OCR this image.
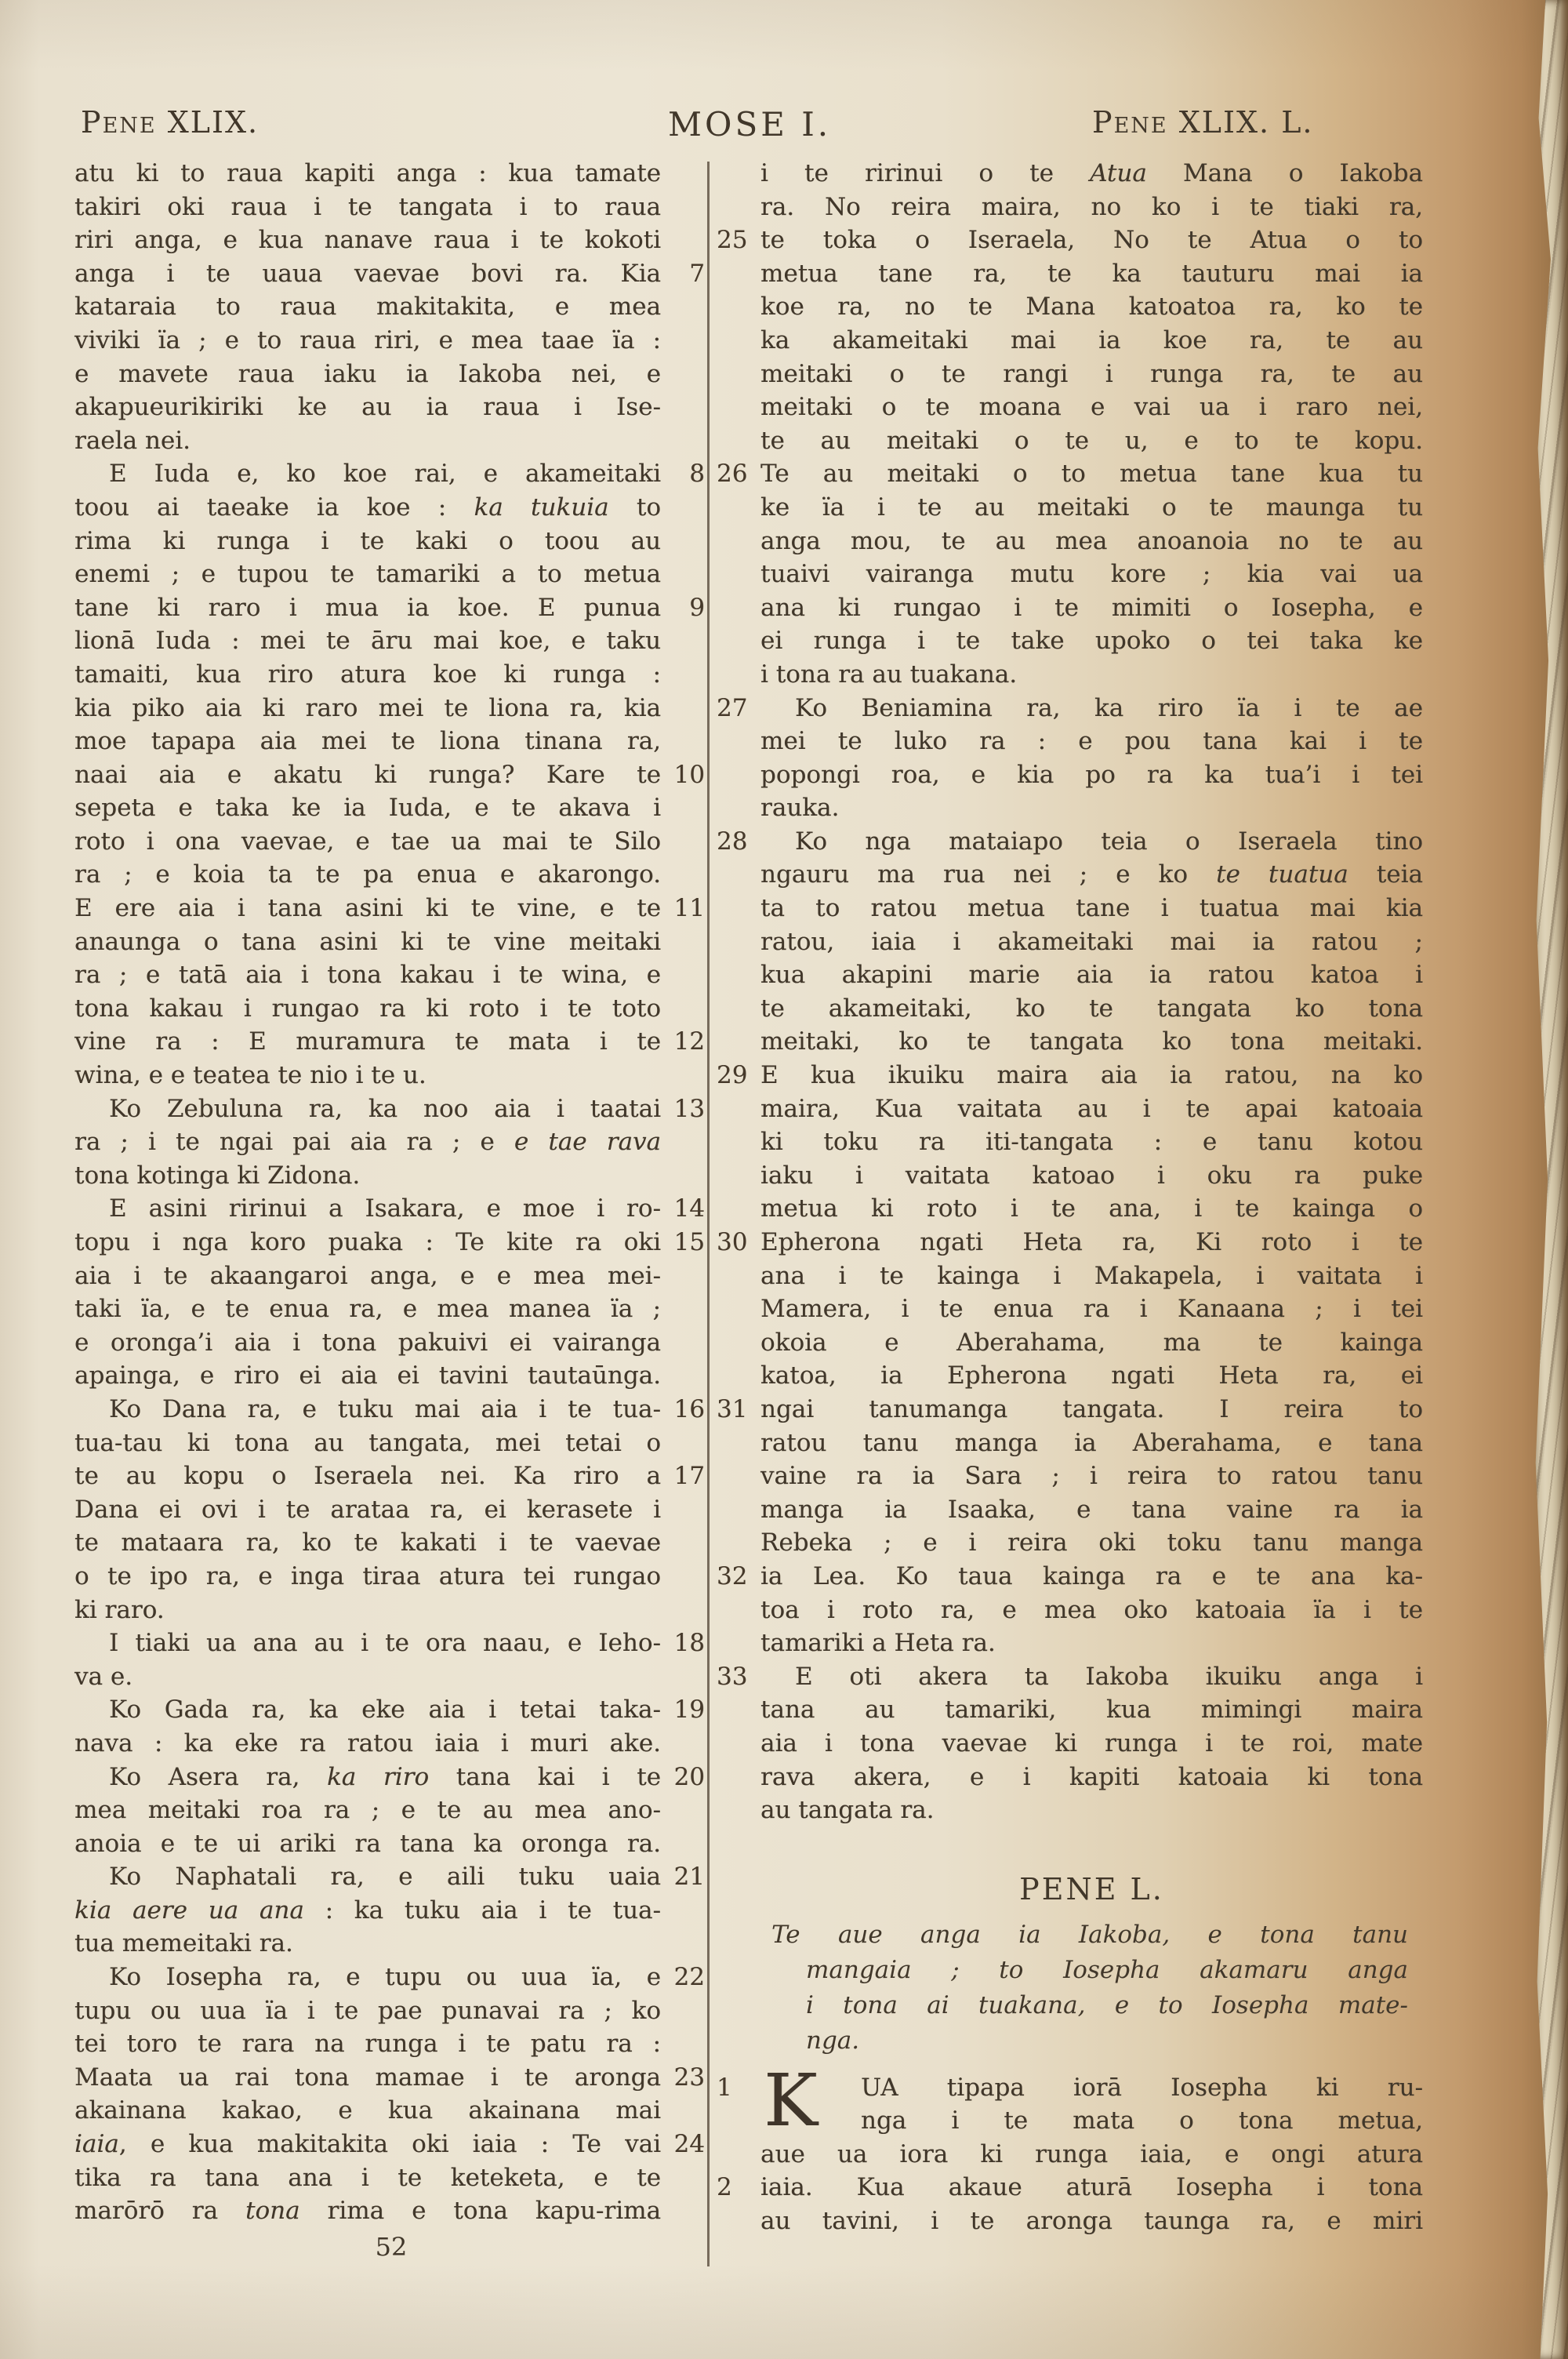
Pene XLIX.	MOSE I.	Pene XLIX. L.
atu ki to raua kapiti anga : kua tamate
takiri oki raua i te tangata i to raua
riri anga, e kua nanave raua i te kokoti
anga i te uaua vaevae bovi ra. Kia	7
kataraia to raua makitakita, e mea
viviki ïa ; e to raua riri, e mea taae ïa :
e mavete raua iaku ia Iakoba nei, e
akapueurikiriki ke au ia raua i Ise-
raela nei.
E Iuda e, ko koe rai, e akameitaki	8
toou ai taeake ia koe : ka tukuia to
rima ki runga i te kaki o toou au
enemi ; e tupou te tamariki a to metua
tane ki raro i mua ia koe. E punua	9
lionā Iuda : mei te āru mai koe, e taku
tamaiti, kua riro atura koe ki runga :
kia piko aia ki raro mei te liona ra, kia
moe tapapa aia mei te liona tinana ra,
naai aia e akatu ki runga? Kare te 10
sepeta e taka ke ia Iuda, e te akava i
roto i ona vaevae, e tae ua mai te Silo
ra ; e koia ta te pa enua e akarongo.
E ere aia i tana asini ki te vine, e te 11
anaunga o tana asini ki te vine meitaki
ra ; e tatā aia i tona kakau i te wina, e
tona kakau i rungao ra ki roto i te toto
vine ra : E muramura te mata i te 12
wina, e e teatea te nio i te u.
Ko Zebuluna ra, ka noo aia i taatai 13
ra ; i te ngai pai aia ra ; e e tae rava
tona kotinga ki Zidona.
E asini ririnui a Isakara, e moe i ro- 14
topu i nga koro puaka : Te kite ra oki 15
aia i te akaangaroi anga, e e mea mei-
taki ïa, e te enua ra, e mea manea ïa ;
e oronga’i aia i tona pakuivi ei vairanga
apainga, e riro ei aia ei tavini tautaūnga.
Ko Dana ra, e tuku mai aia i te tua- 16
tua-tau ki tona au tangata, mei tetai o
te au kopu o Iseraela nei. Ka riro a 17
Dana ei ovi i te arataa ra, ei kerasete i
te mataara ra, ko te kakati i te vaevae
o te ipo ra, e inga tiraa atura tei rungao
ki raro.
I tiaki ua ana au i te ora naau, e Ieho- 18
va e.
Ko Gada ra, ka eke aia i tetai taka- 19
nava : ka eke ra ratou iaia i muri ake.
Ko Asera ra, ka riro tana kai i te 20
mea meitaki roa ra ; e te au mea ano-
anoia e te ui ariki ra tana ka oronga ra.
Ko Naphatali ra, e aili tuku uaia 21
kia aere ua ana : ka tuku aia i te tua-
tua memeitaki ra.
Ko Iosepha ra, e tupu ou uua ïa, e 22
tupu ou uua ïa i te pae punavai ra ; ko
tei toro te rara na runga i te patu ra :
Maata ua rai tona mamae i te aronga 23
akainana kakao, e kua akainana mai
iaia, e kua makitakita oki iaia : Te vai 24
tika ra tana ana i te keteketa, e te
marōrō ra tona rima e tona kapu-rima
i te ririnui o te Atua Mana o Iakoba
ra. No reira maira, no ko i te tiaki ra,
25 te toka o Iseraela, No te Atua o to
metua tane ra, te ka tauturu mai ia
koe ra, no te Mana katoatoa ra, ko te
ka akameitaki mai ia koe ra, te au
meitaki o te rangi i runga ra, te au
meitaki o te moana e vai ua i raro nei,
te au meitaki o te u, e to te kopu.
26 Te au meitaki o to metua tane kua tu
ke ïa i te au meitaki o te maunga tu
anga mou, te au mea anoanoia no te au
tuaivi vairanga mutu kore ; kia vai ua
ana ki rungao i te mimiti o Iosepha, e
ei runga i te take upoko o tei taka ke
i tona ra au tuakana.
27	Ko Beniamina ra, ka riro ïa i te ae
mei te luko ra : e pou tana kai i te
popongi roa, e kia po ra ka tua’i i tei
rauka.
28	Ko nga mataiapo teia o Iseraela tino
ngauru ma rua nei ; e ko te tuatua teia
ta to ratou metua tane i tuatua mai kia
ratou, iaia i akameitaki mai ia ratou ;
kua akapini marie aia ia ratou katoa i
te akameitaki, ko te tangata ko tona
meitaki, ko te tangata ko tona meitaki.
29 E kua ikuiku maira aia ia ratou, na ko
maira, Kua vaitata au i te apai katoaia
ki toku ra iti-tangata : e tanu kotou
iaku i vaitata katoao i oku ra puke
metua ki roto i te ana, i te kainga o
30 Epherona ngati Heta ra, Ki roto i te
ana i te kainga i Makapela, i vaitata i
Mamera, i te enua ra i Kanaana ; i tei
okoia e Aberahama, ma te kainga
katoa, ia Epherona ngati Heta ra, ei
31 ngai tanumanga tangata. I reira to
ratou tanu manga ia Aberahama, e tana
vaine ra ia Sara ; i reira to ratou tanu
manga ia Isaaka, e tana vaine ra ia
Rebeka ; e i reira oki toku tanu manga
32 ia Lea. Ko taua kainga ra e te ana ka-
toa i roto ra, e mea oko katoaia ïa i te
tamariki a Heta ra.
33	E oti akera ta Iakoba ikuiku anga i
tana au tamariki, kua mimingi maira
aia i tona vaevae ki runga i te roi, mate
rava akera, e i kapiti katoaia ki tona
au tangata ra.
PENE L.
Te aue anga ia Iakoba, e tona tanu
mangaia ; to Iosepha akamaru anga
i tona ai tuakana, e to Iosepha mate-
nga.
1 K UA tipapa iorā Iosepha ki ru-
nga i te mata o tona metua,
aue ua iora ki runga iaia, e ongi atura
2	iaia. Kua akaue aturā Iosepha i tona
au tavini, i te aronga taunga ra, e miri
52
